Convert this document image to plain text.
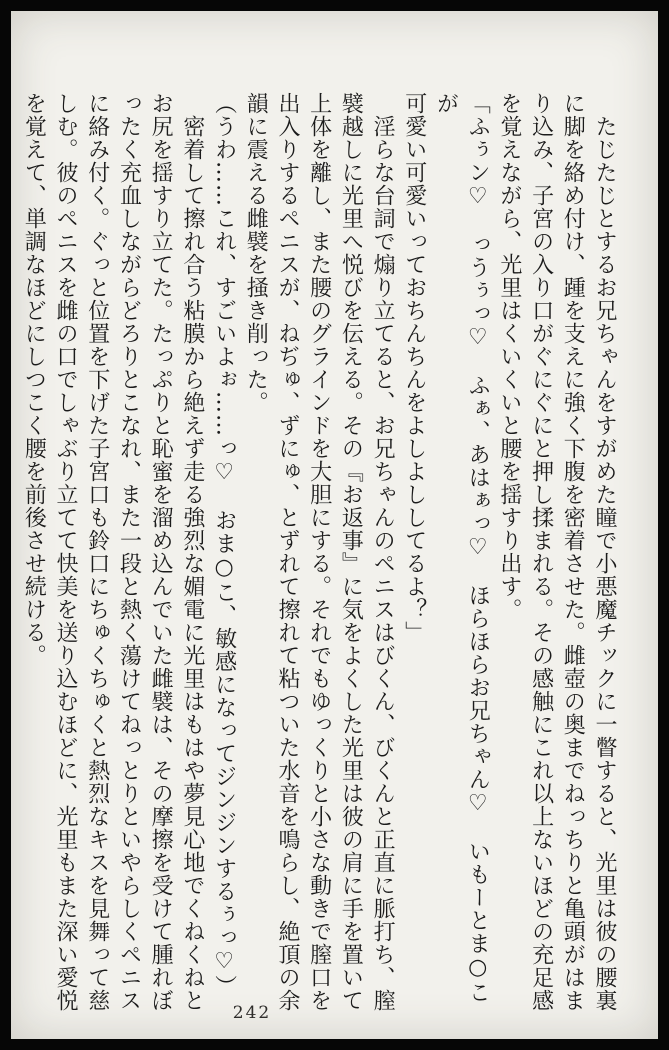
たじたじとするお兄ちゃんをすがめた瞳で小悪魔チックに一瞥すると、光里は彼の腰裏

に脚を絡め付け、踵を支えに強く下腹を密着させた。雌壺の奥までねっちりと亀頭がはま

り込み、子宮の入り口がぐにぐにと押し揉まれる。その感触にこれ以上ないほどの充足感

を覚えながら、光里はくいくいと腰を揺すり出す。

「ふぅン♡　っうぅっ♡　ふぁ、あはぁっ♡　ほらほらお兄ちゃん♡　いもーとま○こが

可愛い可愛いっておちんちんをよしよししてるよ？」

淫らな台詞で煽り立てると、お兄ちゃんのペニスはびくん、びくんと正直に脈打ち、膣

襞越しに光里へ悦びを伝える。その『お返事』に気をよくした光里は彼の肩に手を置いて

上体を離し、また腰のグラインドを大胆にする。それでもゆっくりと小さな動きで膣口を

出入りするペニスが、ねぢゅ、ずにゅ、とずれて擦れて粘ついた水音を鳴らし、絶頂の余

韻に震える雌襞を掻き削った。

（うわ……これ、すごいよぉ……っ♡　おま○こ、敏感になってジンジンするぅっ♡）

密着して擦れ合う粘膜から絶えず走る強烈な媚電に光里はもはや夢見心地でくねくねと

お尻を揺すり立てた。たっぷりと恥蜜を溜め込んでいた雌襞は、その摩擦を受けて腫れぼ

ったく充血しながらどろりとこなれ、また一段と熱く蕩けてねっとりといやらしくペニス

に絡み付く。ぐっと位置を下げた子宮口も鈴口にちゅくちゅくと熱烈なキスを見舞って慈

しむ。彼のペニスを雌の口でしゃぶり立てて快美を送り込むほどに、光里もまた深い愛悦

を覚えて、単調なほどにしつこく腰を前後させ続ける。

242
